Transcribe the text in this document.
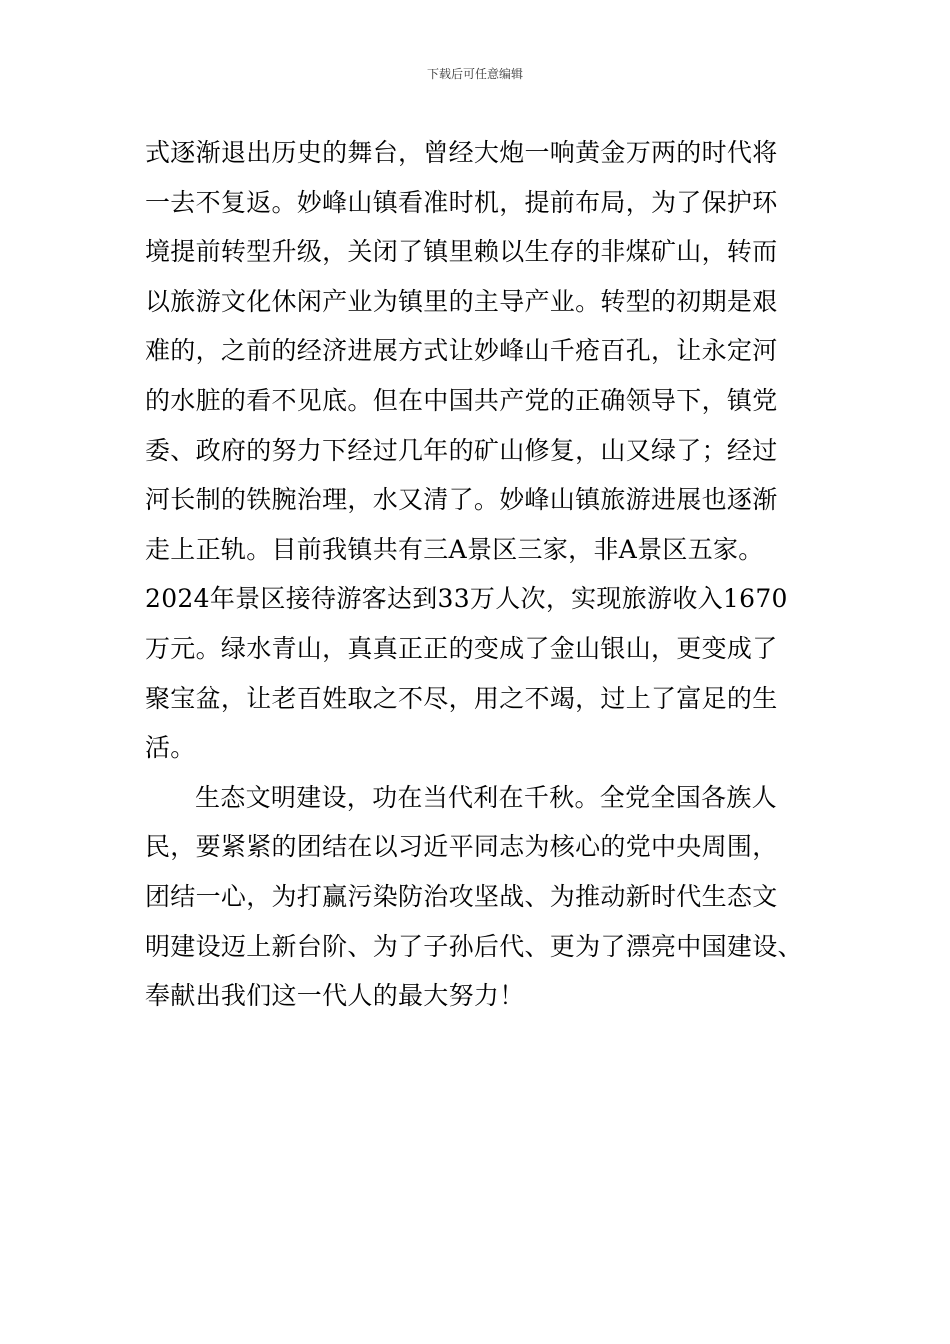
下载后可任意编辑
式逐渐退出历史的舞台，曾经大炮一响黄金万两的时代将
一去不复返。妙峰山镇看准时机，提前布局，为了保护环
境提前转型升级，关闭了镇里赖以生存的非煤矿山，转而
以旅游文化休闲产业为镇里的主导产业。转型的初期是艰
难的，之前的经济进展方式让妙峰山千疮百孔，让永定河
的水脏的看不见底。但在中国共产党的正确领导下，镇党
委、政府的努力下经过几年的矿山修复，山又绿了；经过
河长制的铁腕治理，水又清了。妙峰山镇旅游进展也逐渐
走上正轨。目前我镇共有三A景区三家，非A景区五家。
2024年景区接待游客达到33万人次，实现旅游收入1670
万元。绿水青山，真真正正的变成了金山银山，更变成了
聚宝盆，让老百姓取之不尽，用之不竭，过上了富足的生
活。
生态文明建设，功在当代利在千秋。全党全国各族人
民，要紧紧的团结在以习近平同志为核心的党中央周围，
团结一心，为打赢污染防治攻坚战、为推动新时代生态文
明建设迈上新台阶、为了子孙后代、更为了漂亮中国建设、
奉献出我们这一代人的最大努力！
